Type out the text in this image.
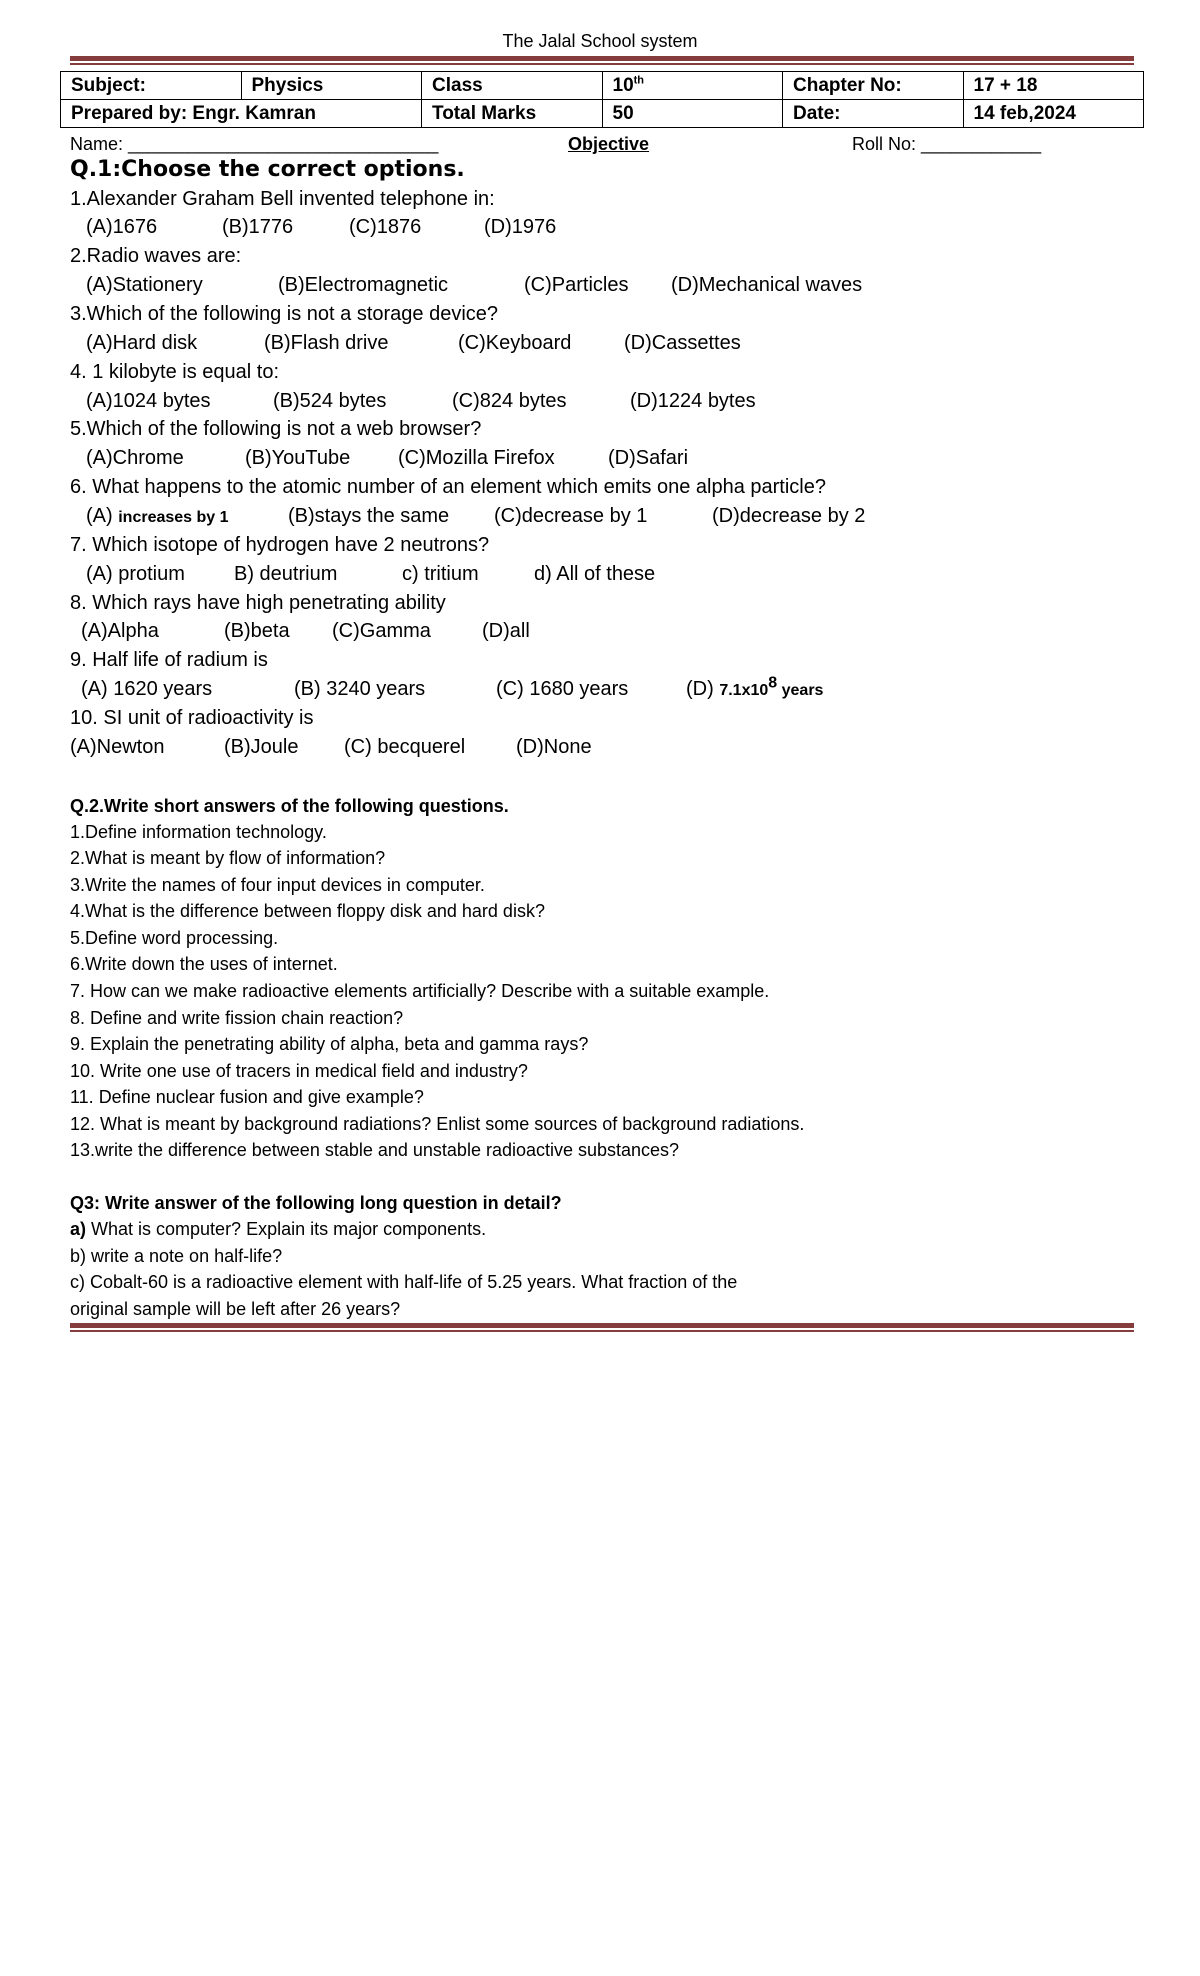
The Jalal School system
Subject:	Physics	Class	10th	Chapter No:	17 + 18
Prepared by: Engr. Kamran		Total Marks	50	Date:	14 feb,2024
Name: _______________________________	Objective	Roll No: ____________
Q.1:Choose the correct options.
1.Alexander Graham Bell invented telephone in:
(A)1676	(B)1776	(C)1876	(D)1976
2.Radio waves are:
(A)Stationery	(B)Electromagnetic	(C)Particles (D)Mechanical waves
3.Which of the following is not a storage device?
(A)Hard disk	(B)Flash drive	(C)Keyboard	(D)Cassettes
4. 1 kilobyte is equal to:
(A)1024 bytes	(B)524 bytes	(C)824 bytes	(D)1224 bytes
5.Which of the following is not a web browser?
(A)Chrome	(B)YouTube (C)Mozilla Firefox	(D)Safari
6. What happens to the atomic number of an element which emits one alpha particle?
(A) increases by 1	(B)stays the same (C)decrease by 1	(D)decrease by 2
7. Which isotope of hydrogen have 2 neutrons?
(A) protium B) deutrium	c) tritium	d) All of these
8. Which rays have high penetrating ability
(A)Alpha	(B)beta (C)Gamma	(D)all
9. Half life of radium is
(A) 1620 years	(B) 3240 years	(C) 1680 years	(D) $7.1x10^8$ years
10. SI unit of radioactivity is
(A)Newton	(B)Joule (C) becquerel	(D)None
Q.2.Write short answers of the following questions.
1.Define information technology.
2.What is meant by flow of information?
3.Write the names of four input devices in computer.
4.What is the difference between floppy disk and hard disk?
5.Define word processing.
6.Write down the uses of internet.
7. How can we make radioactive elements artificially? Describe with a suitable example.
8. Define and write fission chain reaction?
9. Explain the penetrating ability of alpha, beta and gamma rays?
10. Write one use of tracers in medical field and industry?
11. Define nuclear fusion and give example?
12. What is meant by background radiations? Enlist some sources of background radiations.
13.write the difference between stable and unstable radioactive substances?
Q3: Write answer of the following long question in detail?
a) What is computer? Explain its major components.
b) write a note on half-life?
c) Cobalt-60 is a radioactive element with half-life of 5.25 years. What fraction of the
original sample will be left after 26 years?
